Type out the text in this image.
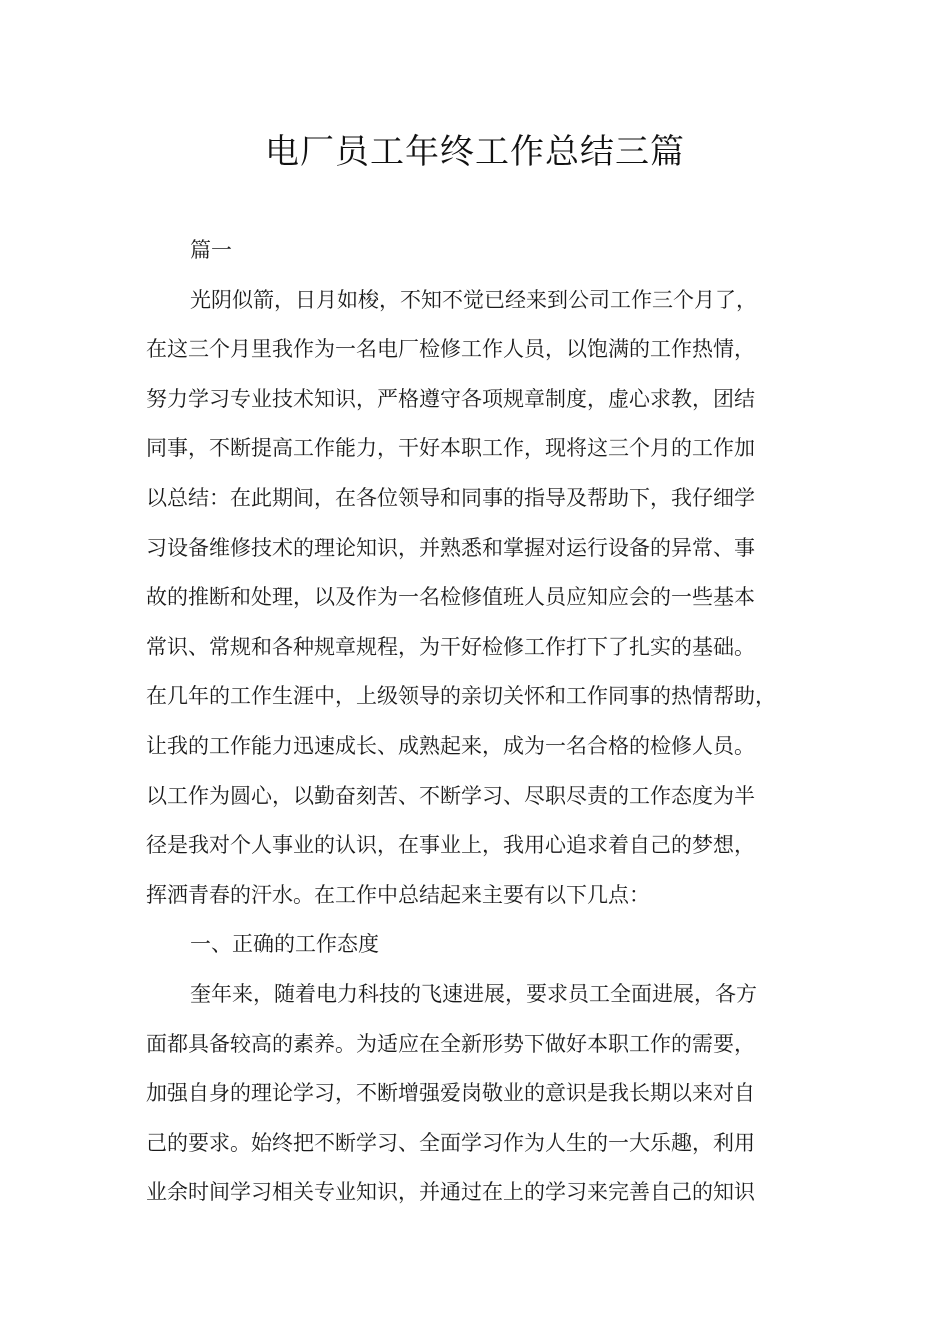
电厂员工年终工作总结三篇
篇一
光阴似箭，日月如梭，不知不觉已经来到公司工作三个月了，
在这三个月里我作为一名电厂检修工作人员，以饱满的工作热情，
努力学习专业技术知识，严格遵守各项规章制度，虚心求教，团结
同事，不断提高工作能力，干好本职工作，现将这三个月的工作加
以总结：在此期间，在各位领导和同事的指导及帮助下，我仔细学
习设备维修技术的理论知识，并熟悉和掌握对运行设备的异常、事
故的推断和处理，以及作为一名检修值班人员应知应会的一些基本
常识、常规和各种规章规程，为干好检修工作打下了扎实的基础。
在几年的工作生涯中，上级领导的亲切关怀和工作同事的热情帮助，
让我的工作能力迅速成长、成熟起来，成为一名合格的检修人员。
以工作为圆心，以勤奋刻苦、不断学习、尽职尽责的工作态度为半
径是我对个人事业的认识，在事业上，我用心追求着自己的梦想，
挥洒青春的汗水。在工作中总结起来主要有以下几点：
一、正确的工作态度
奎年来，随着电力科技的飞速进展，要求员工全面进展，各方
面都具备较高的素养。为适应在全新形势下做好本职工作的需要，
加强自身的理论学习，不断增强爱岗敬业的意识是我长期以来对自
己的要求。始终把不断学习、全面学习作为人生的一大乐趣，利用
业余时间学习相关专业知识，并通过在上的学习来完善自己的知识
